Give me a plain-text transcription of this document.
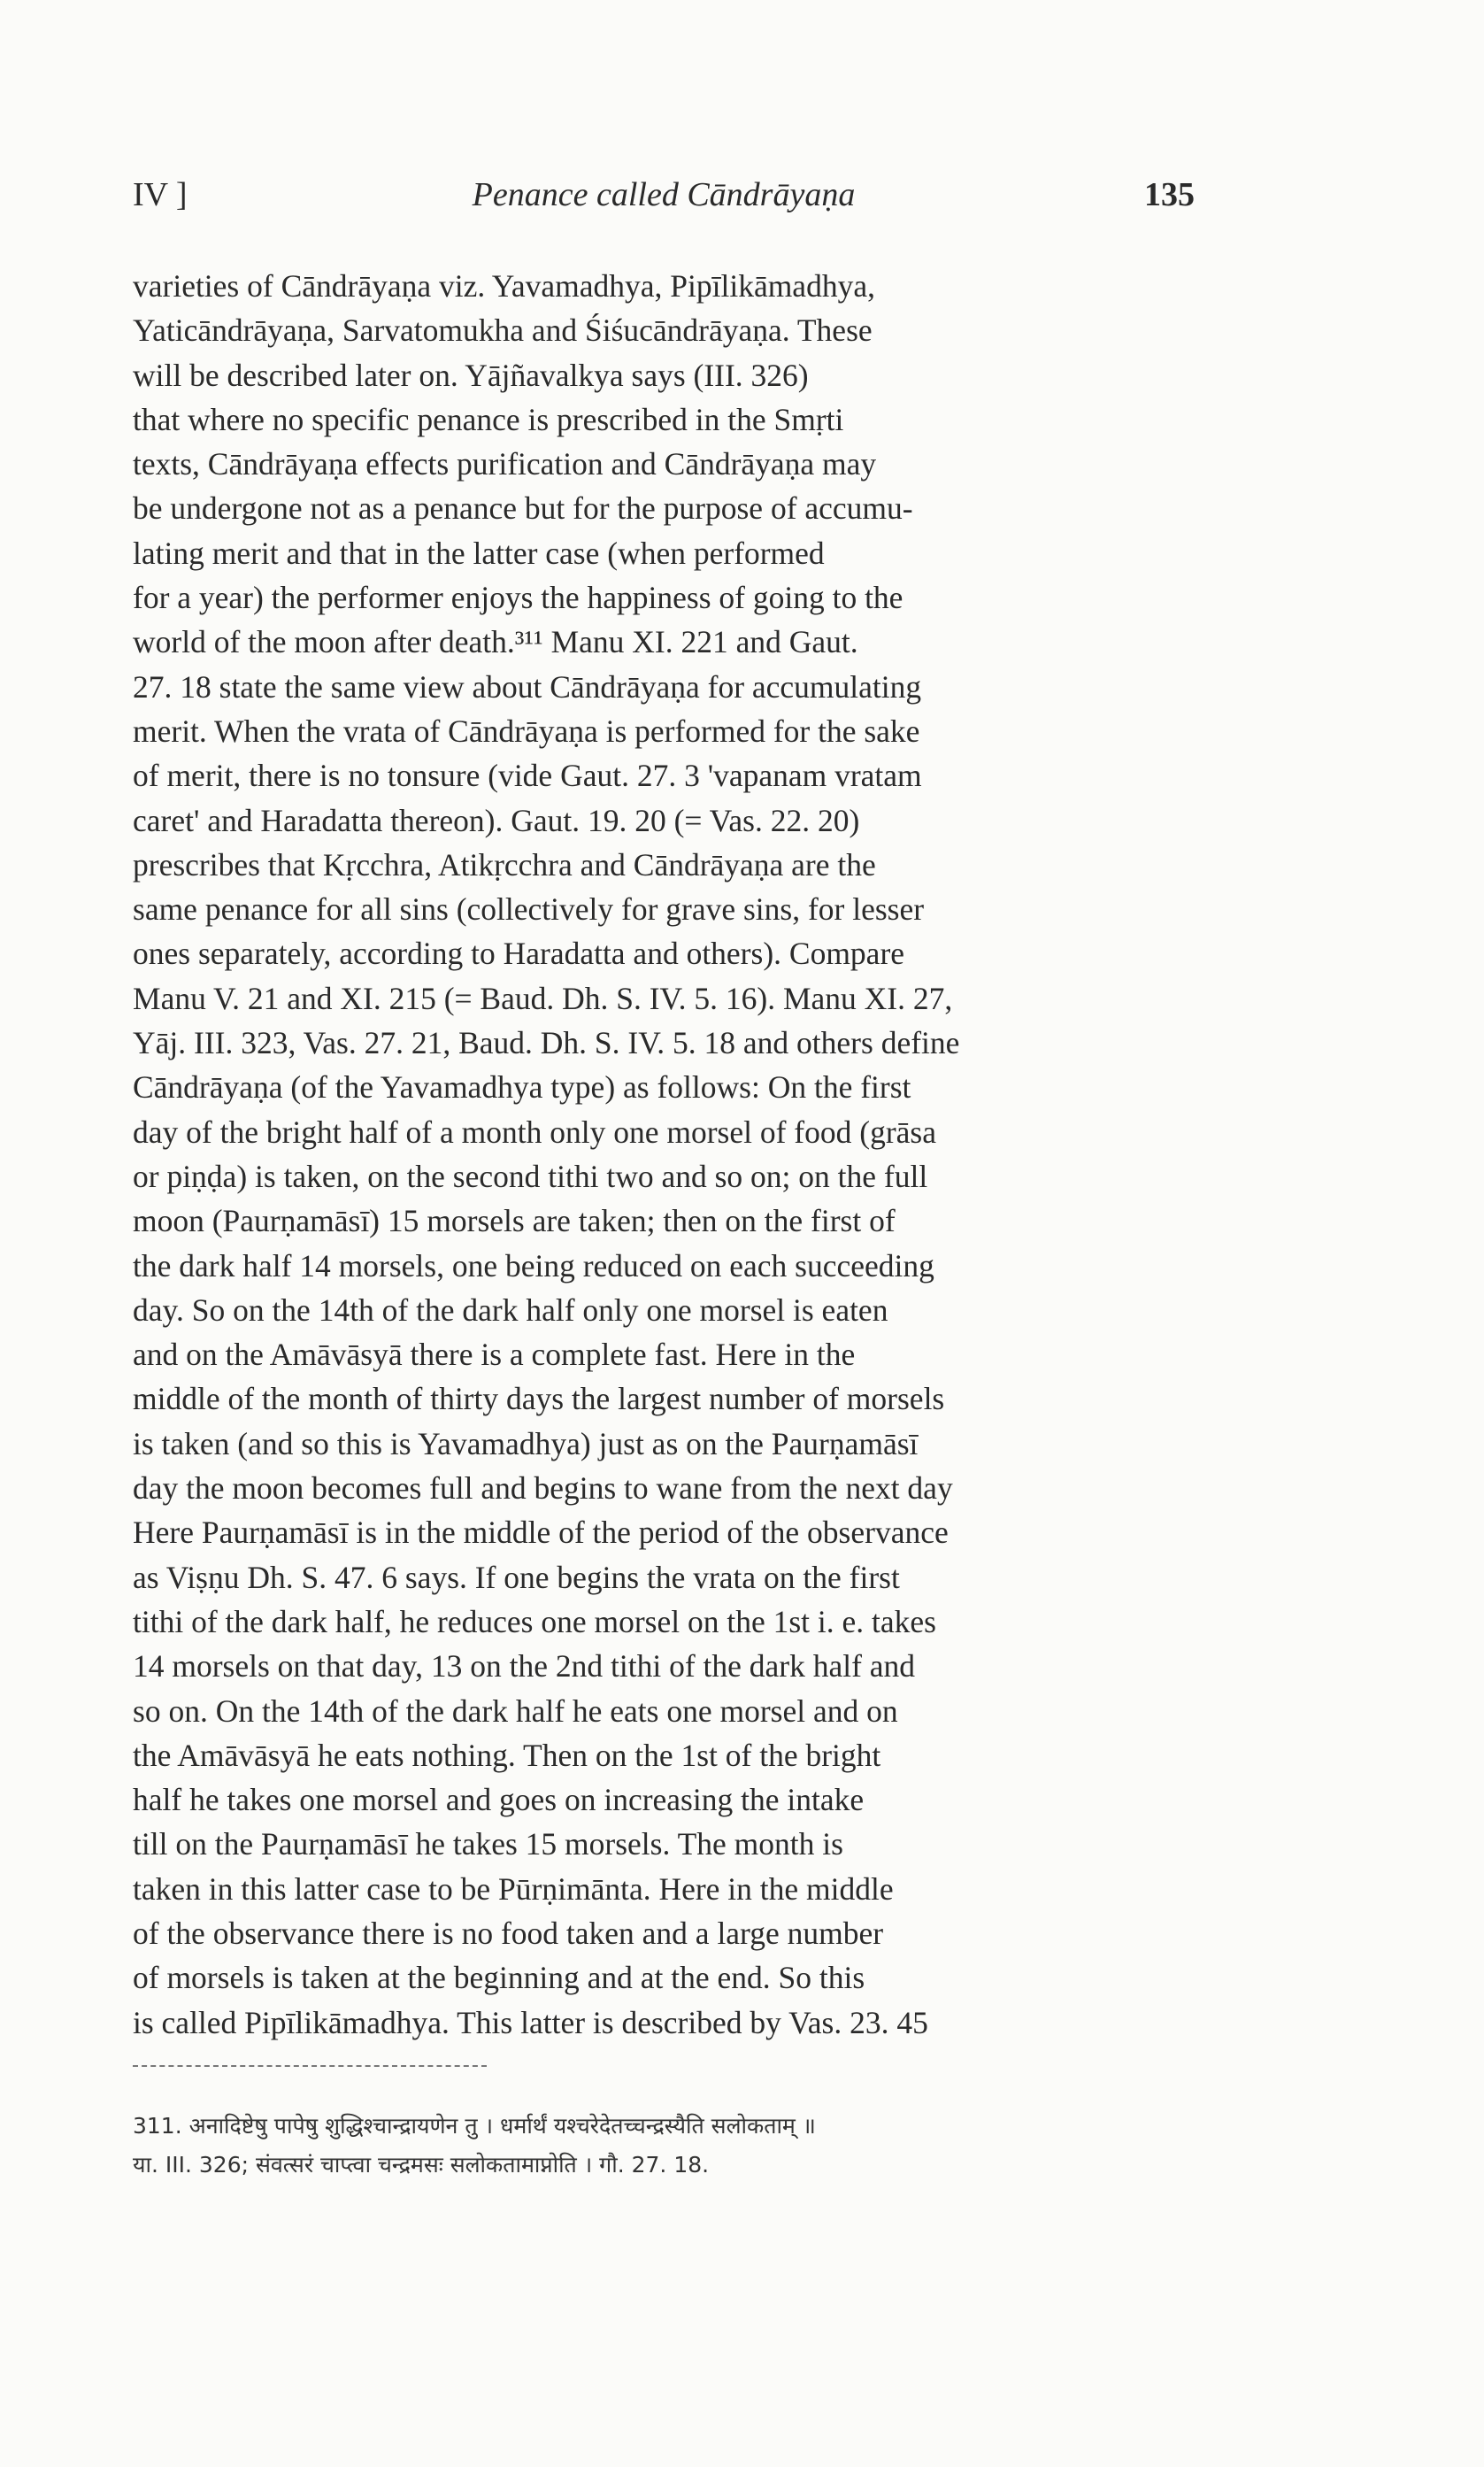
IV ]	Penance called Cāndrāyaṇa	135
varieties of Cāndrāyaṇa viz. Yavamadhya, Pipīlikāmadhya,
Yaticāndrāyaṇa, Sarvatomukha and Śiśucāndrāyaṇa. These
will be described later on. Yājñavalkya says (III. 326)
that where no specific penance is prescribed in the Smṛti
texts, Cāndrāyaṇa effects purification and Cāndrāyaṇa may
be undergone not as a penance but for the purpose of accumu-
lating merit and that in the latter case (when performed
for a year) the performer enjoys the happiness of going to the
world of the moon after death.³¹¹ Manu XI. 221 and Gaut.
27. 18 state the same view about Cāndrāyaṇa for accumulating
merit. When the vrata of Cāndrāyaṇa is performed for the sake
of merit, there is no tonsure (vide Gaut. 27. 3 'vapanam vratam
caret' and Haradatta thereon). Gaut. 19. 20 (= Vas. 22. 20)
prescribes that Kṛcchra, Atikṛcchra and Cāndrāyaṇa are the
same penance for all sins (collectively for grave sins, for lesser
ones separately, according to Haradatta and others). Compare
Manu V. 21 and XI. 215 (= Baud. Dh. S. IV. 5. 16). Manu XI. 27,
Yāj. III. 323, Vas. 27. 21, Baud. Dh. S. IV. 5. 18 and others define
Cāndrāyaṇa (of the Yavamadhya type) as follows: On the first
day of the bright half of a month only one morsel of food (grāsa
or piṇḍa) is taken, on the second tithi two and so on; on the full
moon (Paurṇamāsī) 15 morsels are taken; then on the first of
the dark half 14 morsels, one being reduced on each succeeding
day. So on the 14th of the dark half only one morsel is eaten
and on the Amāvāsyā there is a complete fast. Here in the
middle of the month of thirty days the largest number of morsels
is taken (and so this is Yavamadhya) just as on the Paurṇamāsī
day the moon becomes full and begins to wane from the next day
Here Paurṇamāsī is in the middle of the period of the observance
as Viṣṇu Dh. S. 47. 6 says. If one begins the vrata on the first
tithi of the dark half, he reduces one morsel on the 1st i. e. takes
14 morsels on that day, 13 on the 2nd tithi of the dark half and
so on. On the 14th of the dark half he eats one morsel and on
the Amāvāsyā he eats nothing. Then on the 1st of the bright
half he takes one morsel and goes on increasing the intake
till on the Paurṇamāsī he takes 15 morsels. The month is
taken in this latter case to be Pūrṇimānta. Here in the middle
of the observance there is no food taken and a large number
of morsels is taken at the beginning and at the end. So this
is called Pipīlikāmadhya. This latter is described by Vas. 23. 45
311. अनादिष्टेषु पापेषु शुद्धिश्चान्द्रायणेन तु । धर्मार्थं यश्चरेदेतच्चन्द्रस्यैति सलोकताम् ॥
या. III. 326; संवत्सरं चाप्त्वा चन्द्रमसः सलोकतामाप्नोति । गौ. 27. 18.
